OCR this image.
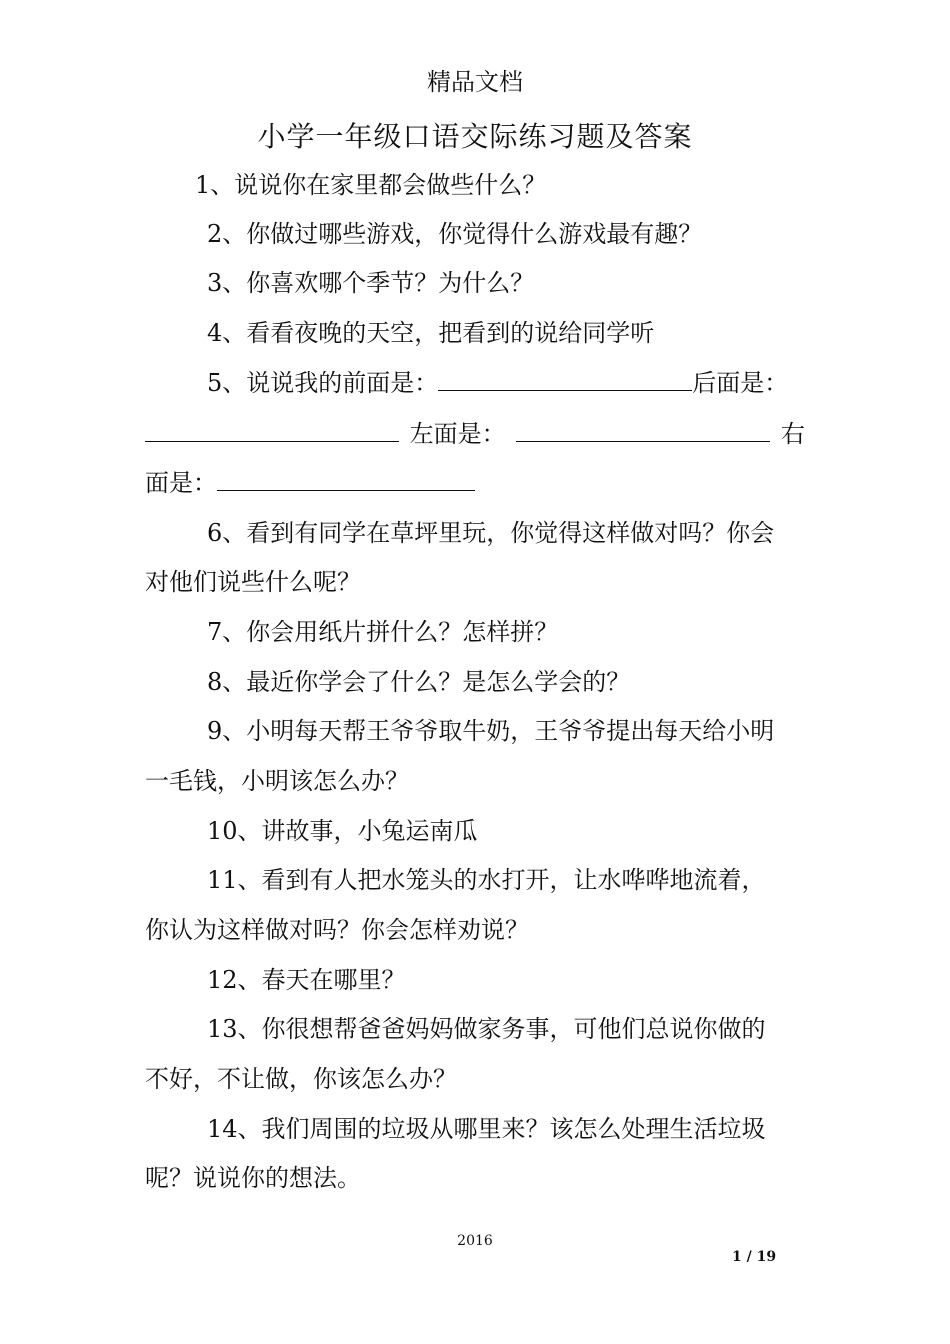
精品文档
小学一年级口语交际练习题及答案
1、说说你在家里都会做些什么？
2、你做过哪些游戏，你觉得什么游戏最有趣？
3、你喜欢哪个季节？为什么？
4、看看夜晚的天空，把看到的说给同学听
5、说说我的前面是：	后面是：
左面是：	右
面是：
6、看到有同学在草坪里玩，你觉得这样做对吗？你会
对他们说些什么呢？
7、你会用纸片拼什么？怎样拼？
8、最近你学会了什么？是怎么学会的？
9、小明每天帮王爷爷取牛奶，王爷爷提出每天给小明
一毛钱，小明该怎么办？
10、讲故事，小兔运南瓜
11、看到有人把水笼头的水打开，让水哗哗地流着，
你认为这样做对吗？你会怎样劝说？
12、春天在哪里？
13、你很想帮爸爸妈妈做家务事，可他们总说你做的
不好，不让做，你该怎么办？
14、我们周围的垃圾从哪里来？该怎么处理生活垃圾
呢？说说你的想法。
2016
1 / 19
